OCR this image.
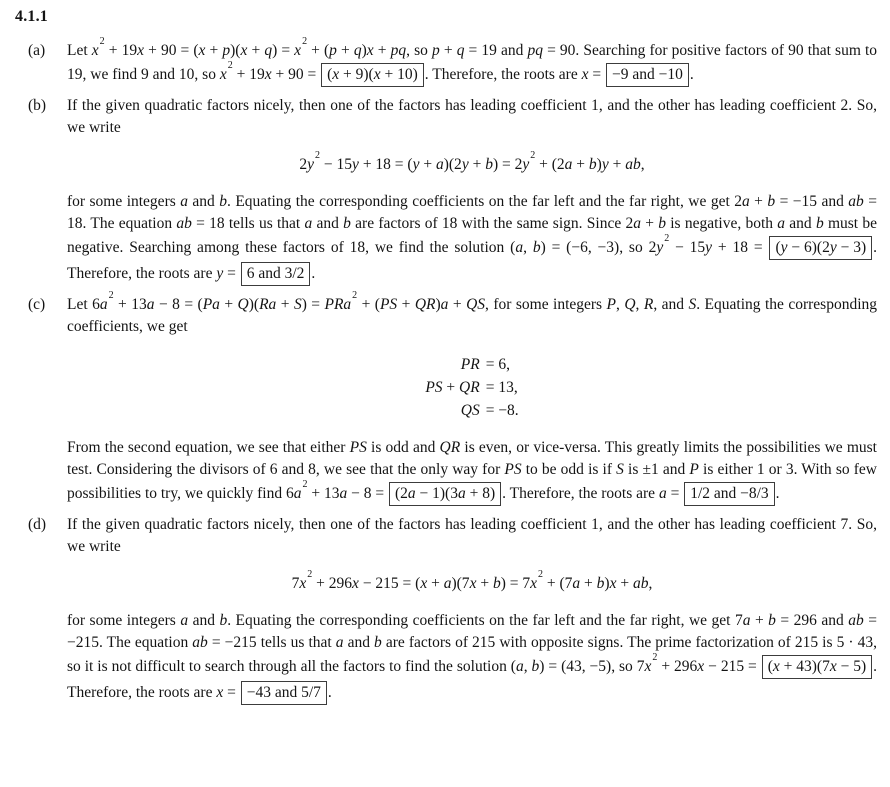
4.1.1
(a)	Let $x^2 + 19x + 90 = (x + p)(x + q) = x^2 + (p + q)x$ + pq, so p + q = 19 and pq = 90. Searching for positive factors of 90 that sum to 19, we find 9 and 10, so $x^2 + 19x + 90 = (x + 9)(x + 10)$ . Therefore, the roots are x = −9 and −10 .

(b)	If the given quadratic factors nicely, then one of the factors has leading coefficient 1, and the other has leading coefficient 2. So, we write

$2y^2 - 15y + 18 = (y + a)(2y + b) = 2y^2 + (2a + b)y$ + ab,

for some integers a and b. Equating the corresponding coefficients on the far left and the far right, we get 2a + b = −15 and ab = 18. The equation ab = 18 tells us that a and b are factors of 18 with the same sign. Since 2a + b is negative, both a and b must be negative. Searching among these factors of 18, we find the solution (a, b) = (−6, −3), so $2y^2 - 15y + 18 = (y - 6)(2y - 3)$ . Therefore, the roots are y = 6 and 3/2 .

(c)	Let $6a^2 + 13a - 8 = (Pa + Q)(Ra + S) = PRa^2 + (PS + QR)a$ + QS, for some integers P, Q, R, and S. Equating the corresponding coefficients, we get

PR = 6,
PS + QR = 13,
QS = −8.

From the second equation, we see that either PS is odd and QR is even, or vice-versa. This greatly limits the possibilities we must test. Considering the divisors of 6 and 8, we see that the only way for PS to be odd is if S is ±1 and P is either 1 or 3. With so few possibilities to try, we quickly find $6a^2 + 13a - 8 = (2a - 1)(3a + 8)$ . Therefore, the roots are a = 1/2 and −8/3 .

(d)	If the given quadratic factors nicely, then one of the factors has leading coefficient 1, and the other has leading coefficient 7. So, we write

$7x^2 + 296x - 215 = (x + a)(7x + b) = 7x^2 + (7a + b)x$ + ab,

for some integers a and b. Equating the corresponding coefficients on the far left and the far right, we get 7a + b = 296 and ab = −215. The equation ab = −215 tells us that a and b are factors of 215 with opposite signs. The prime factorization of 215 is 5 · 43, so it is not difficult to search through all the factors to find the solution (a, b) = (43, −5), so $7x^2 + 296x - 215 = (x + 43)(7x - 5)$ . Therefore, the roots are x = −43 and 5/7 .
